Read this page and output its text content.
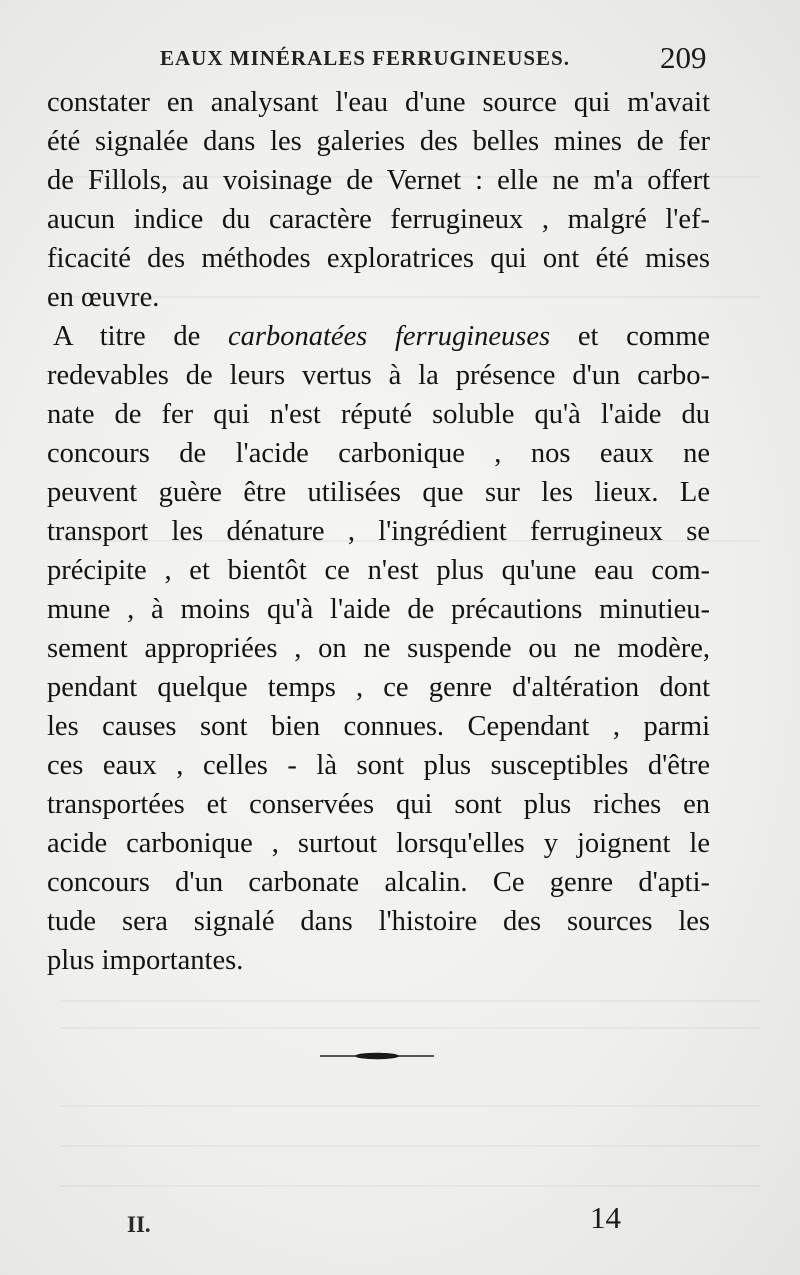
EAUX MINÉRALES FERRUGINEUSES.	209
constater en analysant l'eau d'une source qui m'avait
été signalée dans les galeries des belles mines de fer
de Fillols, au voisinage de Vernet : elle ne m'a offert
aucun indice du caractère ferrugineux , malgré l'ef-
ficacité des méthodes exploratrices qui ont été mises
en œuvre.
A titre de carbonatées ferrugineuses et comme
redevables de leurs vertus à la présence d'un carbo-
nate de fer qui n'est réputé soluble qu'à l'aide du
concours de l'acide carbonique , nos eaux ne
peuvent guère être utilisées que sur les lieux. Le
transport les dénature , l'ingrédient ferrugineux se
précipite , et bientôt ce n'est plus qu'une eau com-
mune , à moins qu'à l'aide de précautions minutieu-
sement appropriées , on ne suspende ou ne modère,
pendant quelque temps , ce genre d'altération dont
les causes sont bien connues. Cependant , parmi
ces eaux , celles - là sont plus susceptibles d'être
transportées et conservées qui sont plus riches en
acide carbonique , surtout lorsqu'elles y joignent le
concours d'un carbonate alcalin. Ce genre d'apti-
tude sera signalé dans l'histoire des sources les
plus importantes.
II.	14
